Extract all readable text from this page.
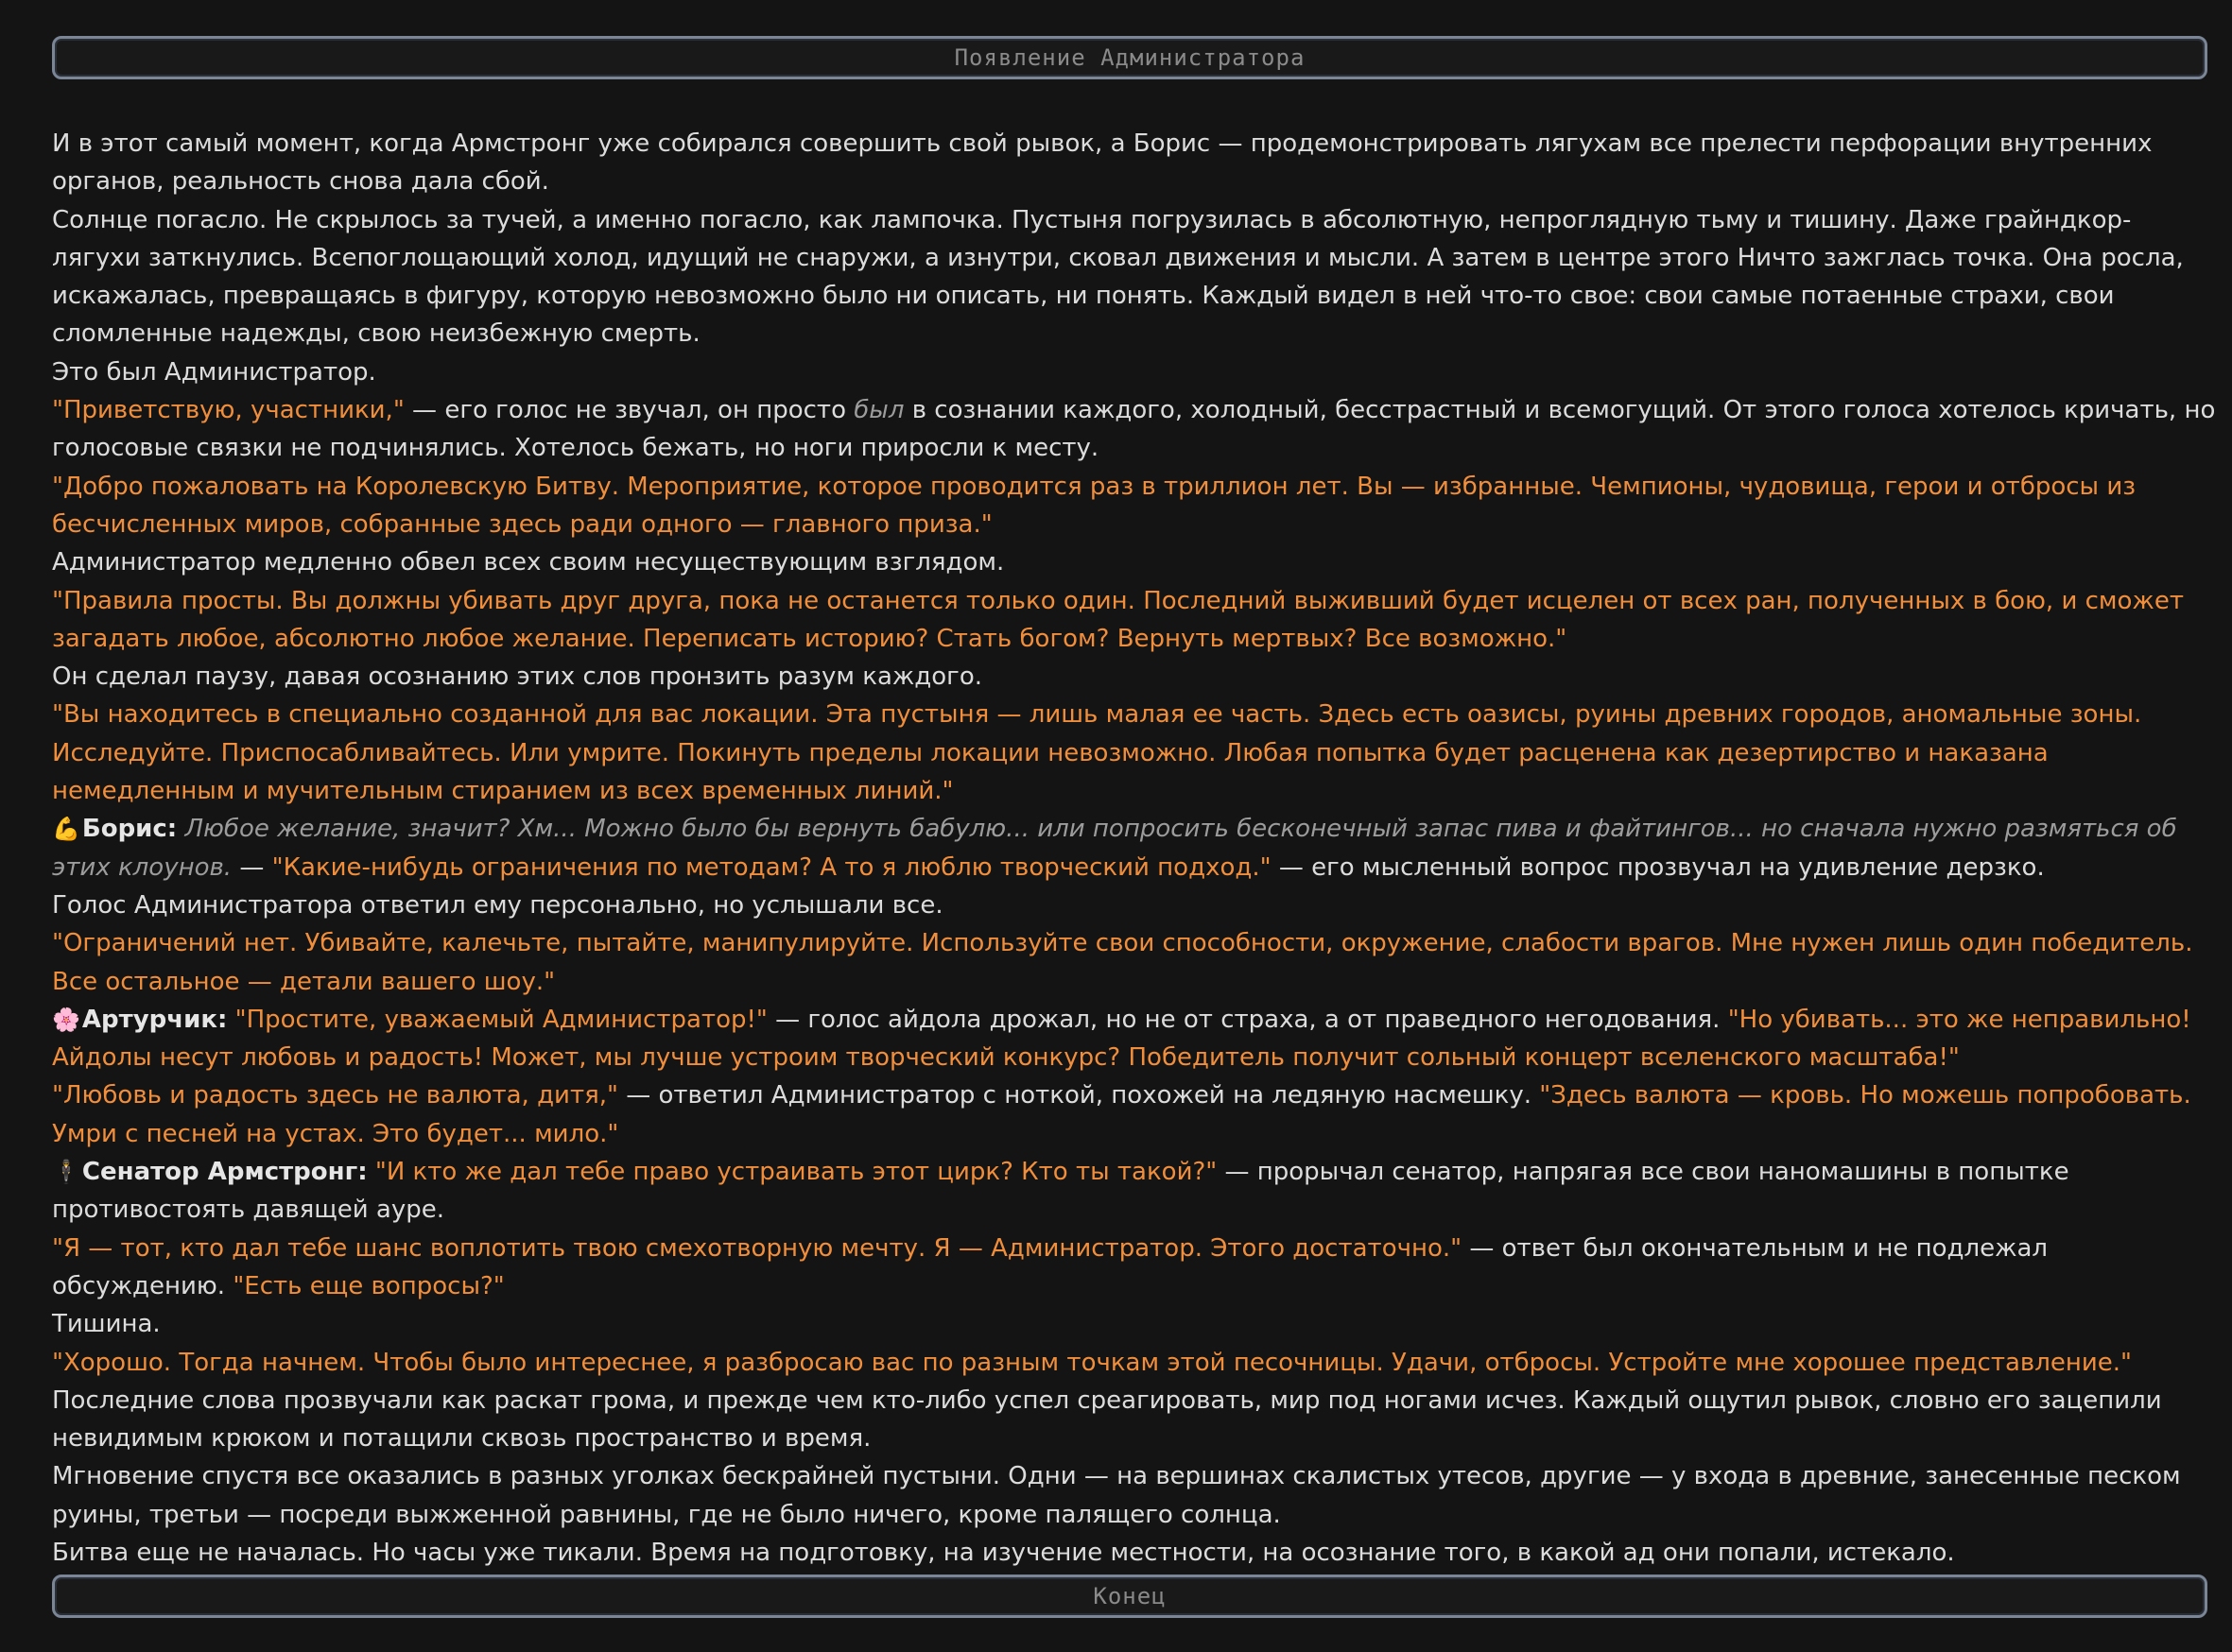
Появление Администратора

И в этот самый момент, когда Армстронг уже собирался совершить свой рывок, а Борис — продемонстрировать лягухам все прелести перфорации внутренних органов, реальность снова дала сбой.

Солнце погасло. Не скрылось за тучей, а именно погасло, как лампочка. Пустыня погрузилась в абсолютную, непроглядную тьму и тишину. Даже грайндкор-лягухи заткнулись. Всепоглощающий холод, идущий не снаружи, а изнутри, сковал движения и мысли. А затем в центре этого Ничто зажглась точка. Она росла, искажалась, превращаясь в фигуру, которую невозможно было ни описать, ни понять. Каждый видел в ней что-то свое: свои самые потаенные страхи, свои сломленные надежды, свою неизбежную смерть.

Это был Администратор.

"Приветствую, участники," — его голос не звучал, он просто был в сознании каждого, холодный, бесстрастный и всемогущий. От этого голоса хотелось кричать, но голосовые связки не подчинялись. Хотелось бежать, но ноги приросли к месту.

"Добро пожаловать на Королевскую Битву. Мероприятие, которое проводится раз в триллион лет. Вы — избранные. Чемпионы, чудовища, герои и отбросы из бесчисленных миров, собранные здесь ради одного — главного приза."

Администратор медленно обвел всех своим несуществующим взглядом.

"Правила просты. Вы должны убивать друг друга, пока не останется только один. Последний выживший будет исцелен от всех ран, полученных в бою, и сможет загадать любое, абсолютно любое желание. Переписать историю? Стать богом? Вернуть мертвых? Все возможно."

Он сделал паузу, давая осознанию этих слов пронзить разум каждого.

"Вы находитесь в специально созданной для вас локации. Эта пустыня — лишь малая ее часть. Здесь есть оазисы, руины древних городов, аномальные зоны. Исследуйте. Приспосабливайтесь. Или умрите. Покинуть пределы локации невозможно. Любая попытка будет расценена как дезертирство и наказана немедленным и мучительным стиранием из всех временных линий."

💪Борис: Любое желание, значит? Хм... Можно было бы вернуть бабулю... или попросить бесконечный запас пива и файтингов... но сначала нужно размяться об этих клоунов. — "Какие-нибудь ограничения по методам? А то я люблю творческий подход." — его мысленный вопрос прозвучал на удивление дерзко.

Голос Администратора ответил ему персонально, но услышали все.

"Ограничений нет. Убивайте, калечьте, пытайте, манипулируйте. Используйте свои способности, окружение, слабости врагов. Мне нужен лишь один победитель. Все остальное — детали вашего шоу."

🌸Артурчик: "Простите, уважаемый Администратор!" — голос айдола дрожал, но не от страха, а от праведного негодования. "Но убивать... это же неправильно! Айдолы несут любовь и радость! Может, мы лучше устроим творческий конкурс? Победитель получит сольный концерт вселенского масштаба!"

"Любовь и радость здесь не валюта, дитя," — ответил Администратор с ноткой, похожей на ледяную насмешку. "Здесь валюта — кровь. Но можешь попробовать. Умри с песней на устах. Это будет... мило."

🕴Сенатор Армстронг: "И кто же дал тебе право устраивать этот цирк? Кто ты такой?" — прорычал сенатор, напрягая все свои наномашины в попытке противостоять давящей ауре.

"Я — тот, кто дал тебе шанс воплотить твою смехотворную мечту. Я — Администратор. Этого достаточно." — ответ был окончательным и не подлежал обсуждению. "Есть еще вопросы?"

Тишина.

"Хорошо. Тогда начнем. Чтобы было интереснее, я разбросаю вас по разным точкам этой песочницы. Удачи, отбросы. Устройте мне хорошее представление."

Последние слова прозвучали как раскат грома, и прежде чем кто-либо успел среагировать, мир под ногами исчез. Каждый ощутил рывок, словно его зацепили невидимым крюком и потащили сквозь пространство и время.

Мгновение спустя все оказались в разных уголках бескрайней пустыни. Одни — на вершинах скалистых утесов, другие — у входа в древние, занесенные песком руины, третьи — посреди выжженной равнины, где не было ничего, кроме палящего солнца.

Битва еще не началась. Но часы уже тикали. Время на подготовку, на изучение местности, на осознание того, в какой ад они попали, истекало.

Конец
